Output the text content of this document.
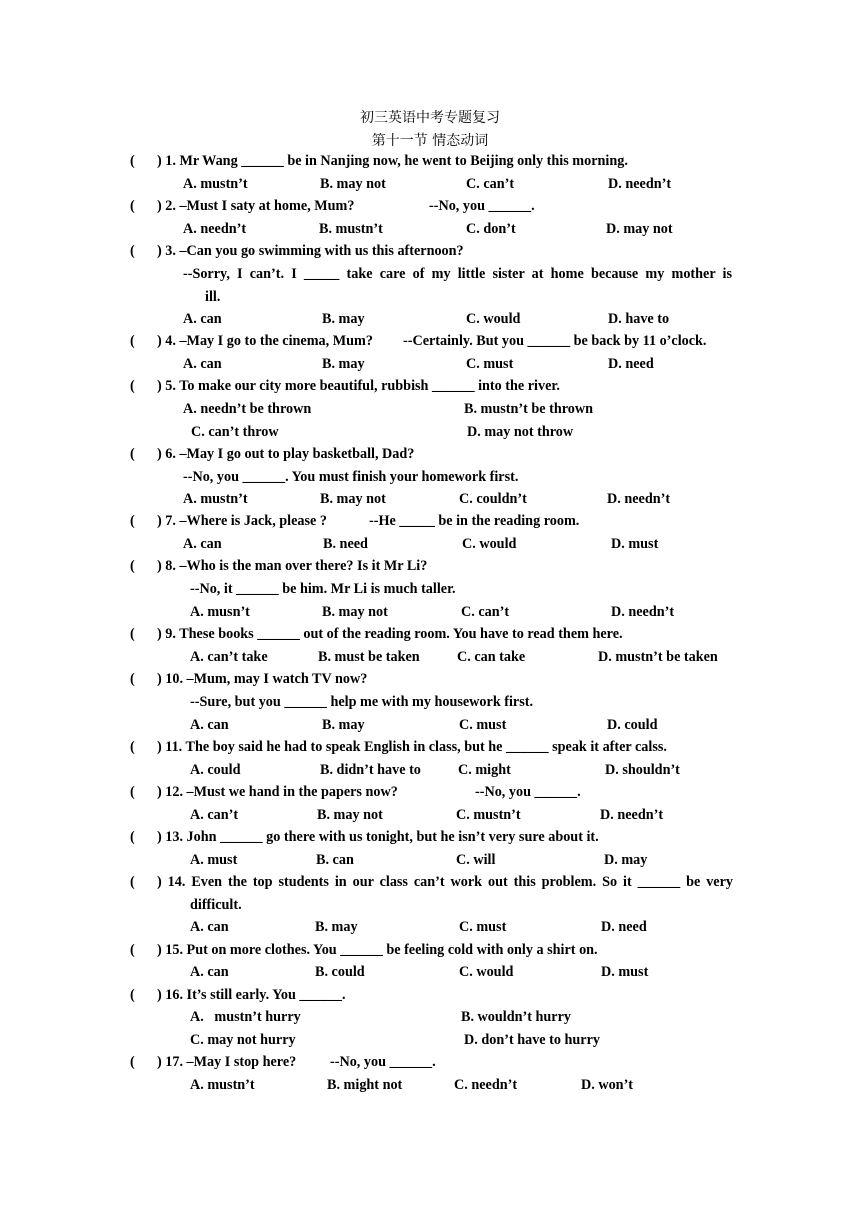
初三英语中考专题复习
第十一节 情态动词
( ) 1. Mr Wang ______ be in Nanjing now, he went to Beijing only this morning.
A. mustn’t	B. may not	C. can’t	D. needn’t
( ) 2. –Must I saty at home, Mum?	--No, you ______.
A. needn’t	B. mustn’t	C. don’t	D. may not
( ) 3. –Can you go swimming with us this afternoon?
--Sorry, I can’t. I _____ take care of my little sister at home because my mother is
ill.
A. can	B. may	C. would	D. have to
( ) 4. –May I go to the cinema, Mum? --Certainly. But you ______ be back by 11 o’clock.
A. can	B. may	C. must	D. need
( ) 5. To make our city more beautiful, rubbish ______ into the river.
A. needn’t be thrown	B. mustn’t be thrown
C. can’t throw	D. may not throw
( ) 6. –May I go out to play basketball, Dad?
--No, you ______. You must finish your homework first.
A. mustn’t	B. may not	C. couldn’t	D. needn’t
( ) 7. –Where is Jack, please ?	--He _____ be in the reading room.
A. can	B. need	C. would	D. must
( ) 8. –Who is the man over there? Is it Mr Li?
--No, it ______ be him. Mr Li is much taller.
A. musn’t	B. may not	C. can’t	D. needn’t
( ) 9. These books ______ out of the reading room. You have to read them here.
A. can’t take	B. must be taken	C. can take	D. mustn’t be taken
( ) 10. –Mum, may I watch TV now?
--Sure, but you ______ help me with my housework first.
A. can	B. may	C. must	D. could
( ) 11. The boy said he had to speak English in class, but he ______ speak it after calss.
A. could	B. didn’t have to	C. might	D. shouldn’t
( ) 12. –Must we hand in the papers now?	--No, you ______.
A. can’t	B. may not	C. mustn’t	D. needn’t
( ) 13. John ______ go there with us tonight, but he isn’t very sure about it.
A. must	B. can	C. will	D. may
( ) 14. Even the top students in our class can’t work out this problem. So it ______ be very
difficult.
A. can	B. may	C. must	D. need
( ) 15. Put on more clothes. You ______ be feeling cold with only a shirt on.
A. can	B. could	C. would	D. must
( ) 16. It’s still early. You ______.
A.   mustn’t hurry	B. wouldn’t hurry
C. may not hurry	D. don’t have to hurry
( ) 17. –May I stop here? --No, you ______.
A. mustn’t	B. might not	C. needn’t	D. won’t
